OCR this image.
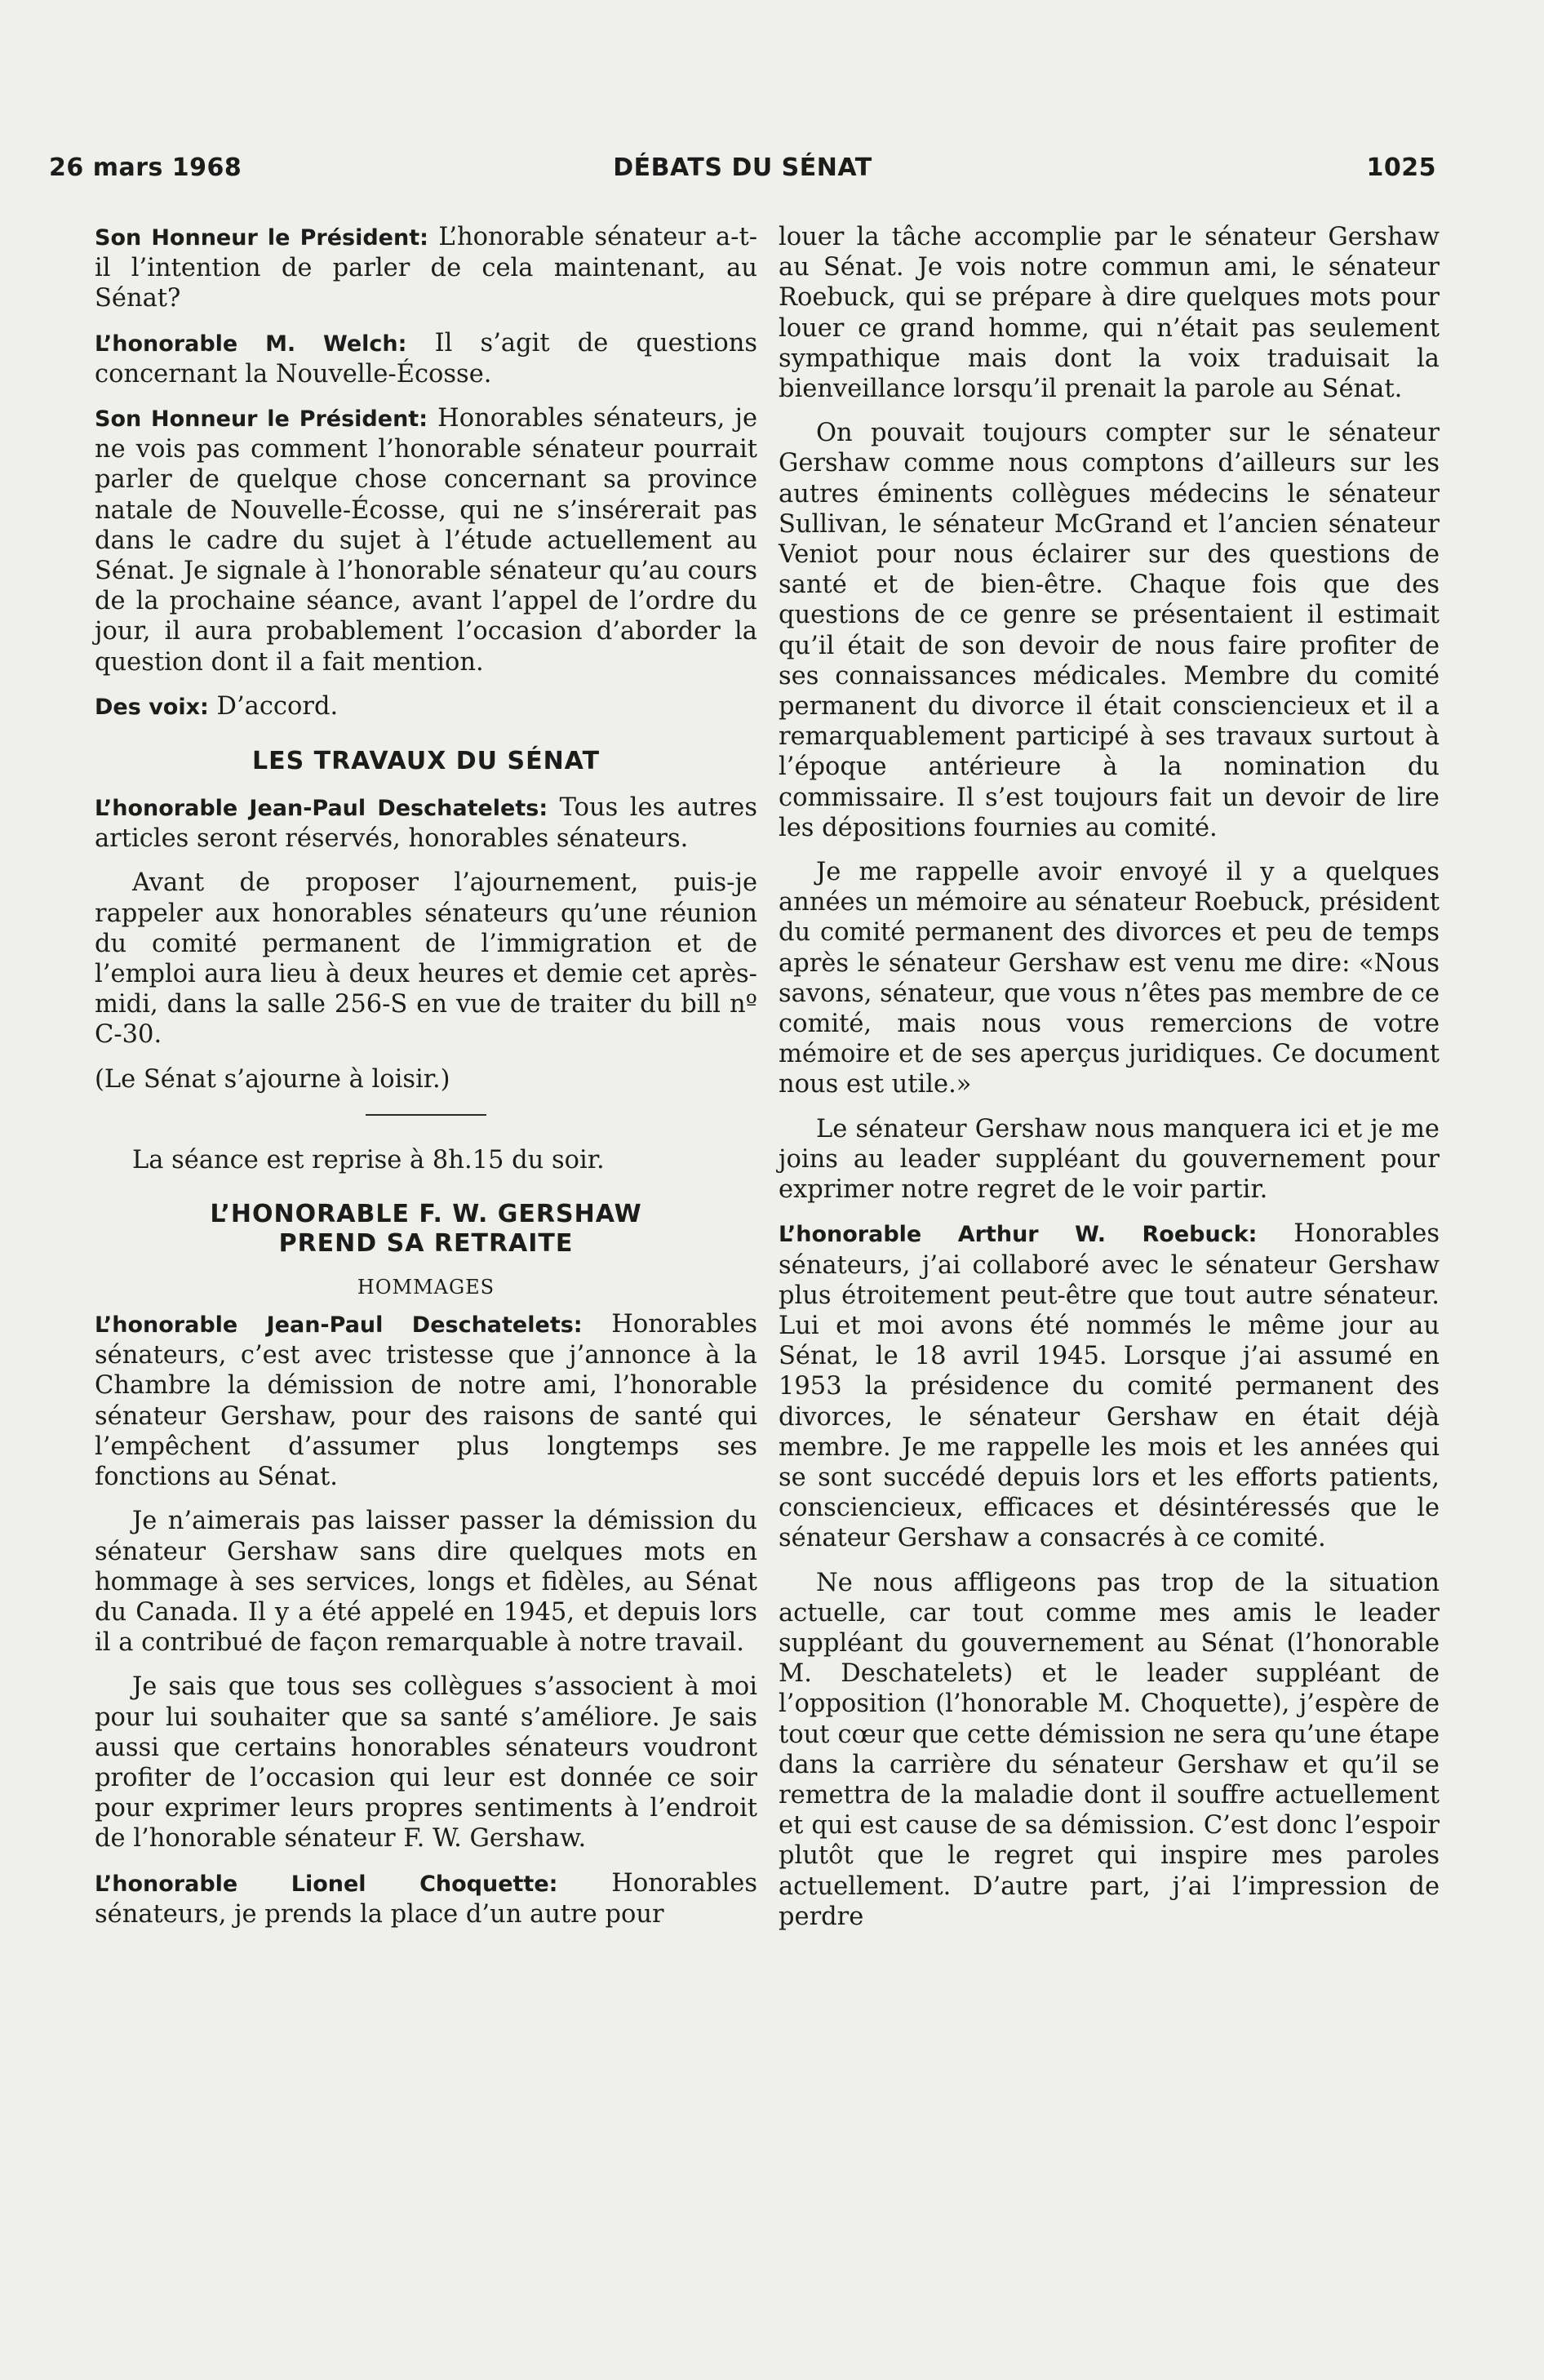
26 mars 1968	DÉBATS DU SÉNAT	1025

Son Honneur le Président: L’honorable sénateur a-t-il l’intention de parler de cela maintenant, au Sénat?

L’honorable M. Welch: Il s’agit de questions concernant la Nouvelle-Écosse.

Son Honneur le Président: Honorables sénateurs, je ne vois pas comment l’honorable sénateur pourrait parler de quelque chose concernant sa province natale de Nouvelle-Écosse, qui ne s’insérerait pas dans le cadre du sujet à l’étude actuellement au Sénat. Je signale à l’honorable sénateur qu’au cours de la prochaine séance, avant l’appel de l’ordre du jour, il aura probablement l’occasion d’aborder la question dont il a fait mention.

Des voix: D’accord.

LES TRAVAUX DU SÉNAT

L’honorable Jean-Paul Deschatelets: Tous les autres articles seront réservés, honorables sénateurs.

Avant de proposer l’ajournement, puis-je rappeler aux honorables sénateurs qu’une réunion du comité permanent de l’immigration et de l’emploi aura lieu à deux heures et demie cet après-midi, dans la salle 256-S en vue de traiter du bill nº C-30.

(Le Sénat s’ajourne à loisir.)

La séance est reprise à 8h.15 du soir.

L’HONORABLE F. W. GERSHAW
PREND SA RETRAITE
HOMMAGES

L’honorable Jean-Paul Deschatelets: Honorables sénateurs, c’est avec tristesse que j’annonce à la Chambre la démission de notre ami, l’honorable sénateur Gershaw, pour des raisons de santé qui l’empêchent d’assumer plus longtemps ses fonctions au Sénat.

Je n’aimerais pas laisser passer la démission du sénateur Gershaw sans dire quelques mots en hommage à ses services, longs et fidèles, au Sénat du Canada. Il y a été appelé en 1945, et depuis lors il a contribué de façon remarquable à notre travail.

Je sais que tous ses collègues s’associent à moi pour lui souhaiter que sa santé s’améliore. Je sais aussi que certains honorables sénateurs voudront profiter de l’occasion qui leur est donnée ce soir pour exprimer leurs propres sentiments à l’endroit de l’honorable sénateur F. W. Gershaw.

L’honorable Lionel Choquette: Honorables sénateurs, je prends la place d’un autre pour

louer la tâche accomplie par le sénateur Gershaw au Sénat. Je vois notre commun ami, le sénateur Roebuck, qui se prépare à dire quelques mots pour louer ce grand homme, qui n’était pas seulement sympathique mais dont la voix traduisait la bienveillance lorsqu’il prenait la parole au Sénat.

On pouvait toujours compter sur le sénateur Gershaw comme nous comptons d’ailleurs sur les autres éminents collègues médecins le sénateur Sullivan, le sénateur McGrand et l’ancien sénateur Veniot pour nous éclairer sur des questions de santé et de bien-être. Chaque fois que des questions de ce genre se présentaient il estimait qu’il était de son devoir de nous faire profiter de ses connaissances médicales. Membre du comité permanent du divorce il était consciencieux et il a remarquablement participé à ses travaux surtout à l’époque antérieure à la nomination du commissaire. Il s’est toujours fait un devoir de lire les dépositions fournies au comité.

Je me rappelle avoir envoyé il y a quelques années un mémoire au sénateur Roebuck, président du comité permanent des divorces et peu de temps après le sénateur Gershaw est venu me dire: «Nous savons, sénateur, que vous n’êtes pas membre de ce comité, mais nous vous remercions de votre mémoire et de ses aperçus juridiques. Ce document nous est utile.»

Le sénateur Gershaw nous manquera ici et je me joins au leader suppléant du gouvernement pour exprimer notre regret de le voir partir.

L’honorable Arthur W. Roebuck: Honorables sénateurs, j’ai collaboré avec le sénateur Gershaw plus étroitement peut-être que tout autre sénateur. Lui et moi avons été nommés le même jour au Sénat, le 18 avril 1945. Lorsque j’ai assumé en 1953 la présidence du comité permanent des divorces, le sénateur Gershaw en était déjà membre. Je me rappelle les mois et les années qui se sont succédé depuis lors et les efforts patients, consciencieux, efficaces et désintéressés que le sénateur Gershaw a consacrés à ce comité.

Ne nous affligeons pas trop de la situation actuelle, car tout comme mes amis le leader suppléant du gouvernement au Sénat (l’honorable M. Deschatelets) et le leader suppléant de l’opposition (l’honorable M. Choquette), j’espère de tout cœur que cette démission ne sera qu’une étape dans la carrière du sénateur Gershaw et qu’il se remettra de la maladie dont il souffre actuellement et qui est cause de sa démission. C’est donc l’espoir plutôt que le regret qui inspire mes paroles actuellement. D’autre part, j’ai l’impression de perdre
